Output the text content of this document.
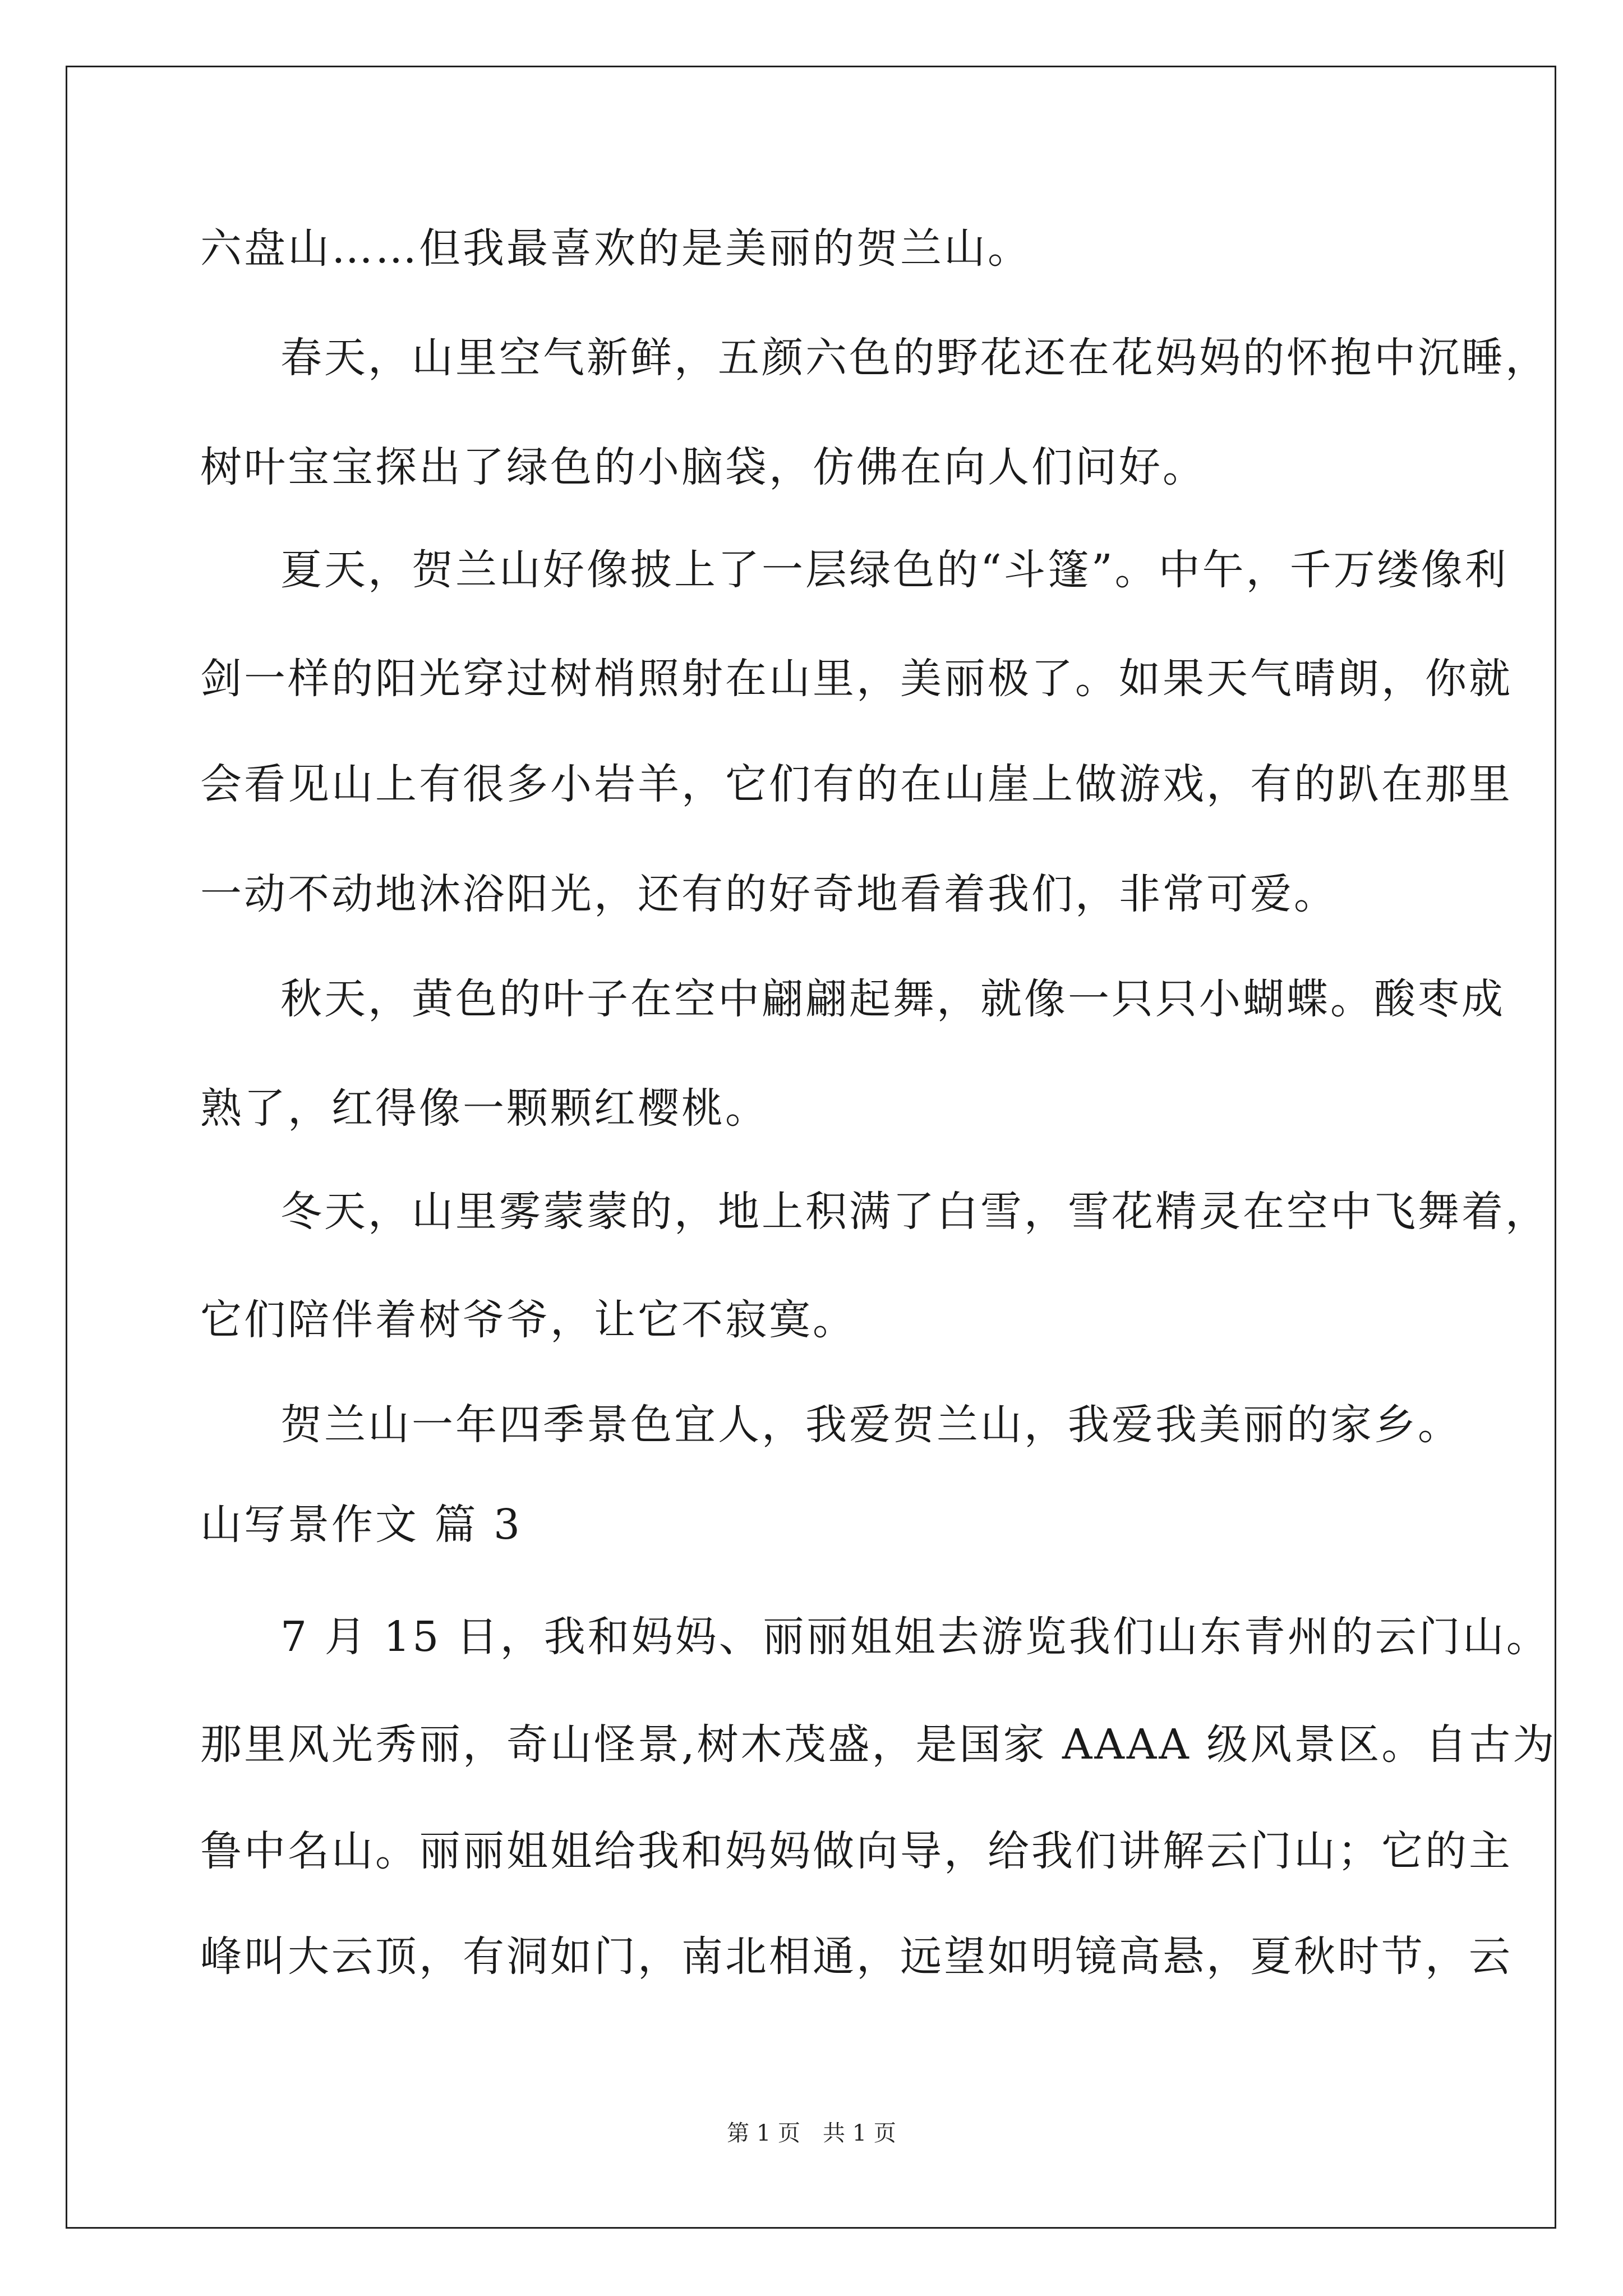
六盘山……但我最喜欢的是美丽的贺兰山。
春天，山里空气新鲜，五颜六色的野花还在花妈妈的怀抱中沉睡，
树叶宝宝探出了绿色的小脑袋，仿佛在向人们问好。
夏天，贺兰山好像披上了一层绿色的“斗篷”。中午，千万缕像利
剑一样的阳光穿过树梢照射在山里，美丽极了。如果天气晴朗，你就
会看见山上有很多小岩羊，它们有的在山崖上做游戏，有的趴在那里
一动不动地沐浴阳光，还有的好奇地看着我们，非常可爱。
秋天，黄色的叶子在空中翩翩起舞，就像一只只小蝴蝶。酸枣成
熟了，红得像一颗颗红樱桃。
冬天，山里雾蒙蒙的，地上积满了白雪，雪花精灵在空中飞舞着，
它们陪伴着树爷爷，让它不寂寞。
贺兰山一年四季景色宜人，我爱贺兰山，我爱我美丽的家乡。
山写景作文 篇 3
7 月 15 日，我和妈妈、丽丽姐姐去游览我们山东青州的云门山。
那里风光秀丽，奇山怪景,树木茂盛，是国家 AAAA 级风景区。自古为
鲁中名山。丽丽姐姐给我和妈妈做向导，给我们讲解云门山；它的主
峰叫大云顶，有洞如门，南北相通，远望如明镜高悬，夏秋时节，云
第 1 页　共 1 页
